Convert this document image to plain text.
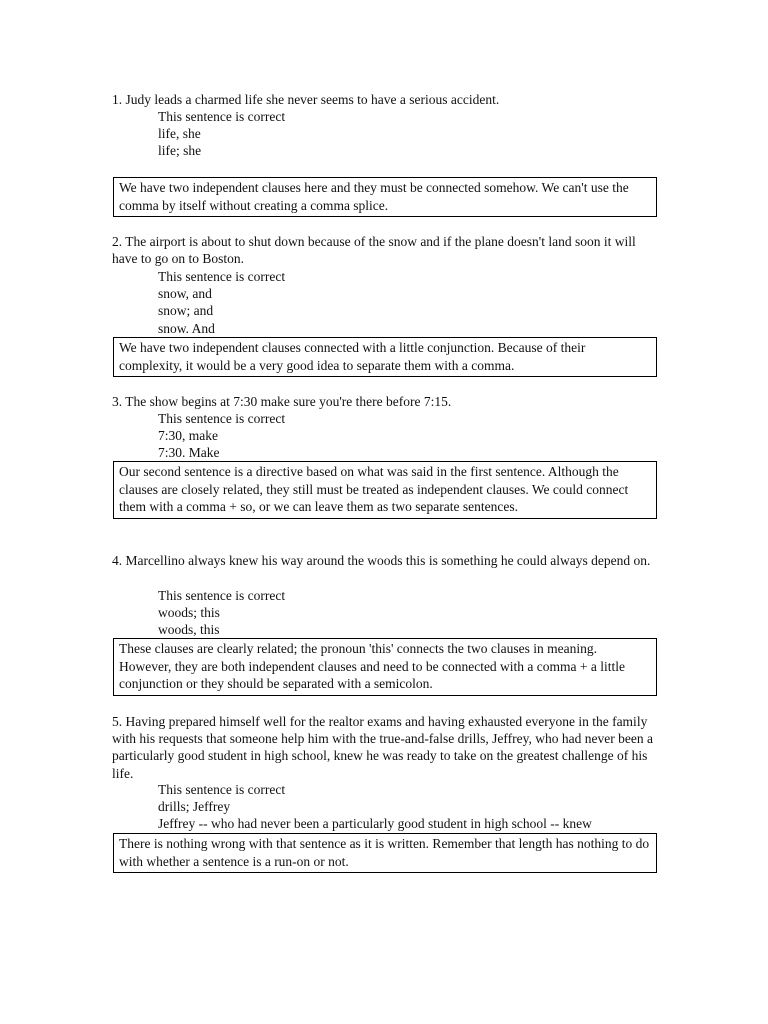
1. Judy leads a charmed life she never seems to have a serious accident.

This sentence is correct
life, she
life; she
We have two independent clauses here and they must be connected somehow. We can't use the comma by itself without creating a comma splice.

2. The airport is about to shut down because of the snow and if the plane doesn't land soon it will have to go on to Boston.

This sentence is correct
snow, and
snow; and
snow. And
We have two independent clauses connected with a little conjunction. Because of their complexity, it would be a very good idea to separate them with a comma.

3. The show begins at 7:30 make sure you're there before 7:15.

This sentence is correct
7:30, make
7:30. Make
Our second sentence is a directive based on what was said in the first sentence. Although the clauses are closely related, they still must be treated as independent clauses. We could connect them with a comma + so, or we can leave them as two separate sentences.

4. Marcellino always knew his way around the woods this is something he could always depend on.

This sentence is correct
woods; this
woods, this
These clauses are clearly related; the pronoun 'this' connects the two clauses in meaning. However, they are both independent clauses and need to be connected with a comma + a little conjunction or they should be separated with a semicolon.

5. Having prepared himself well for the realtor exams and having exhausted everyone in the family with his requests that someone help him with the true-and-false drills, Jeffrey, who had never been a particularly good student in high school, knew he was ready to take on the greatest challenge of his life.

This sentence is correct
drills; Jeffrey
Jeffrey -- who had never been a particularly good student in high school -- knew
There is nothing wrong with that sentence as it is written. Remember that length has nothing to do with whether a sentence is a run-on or not.
